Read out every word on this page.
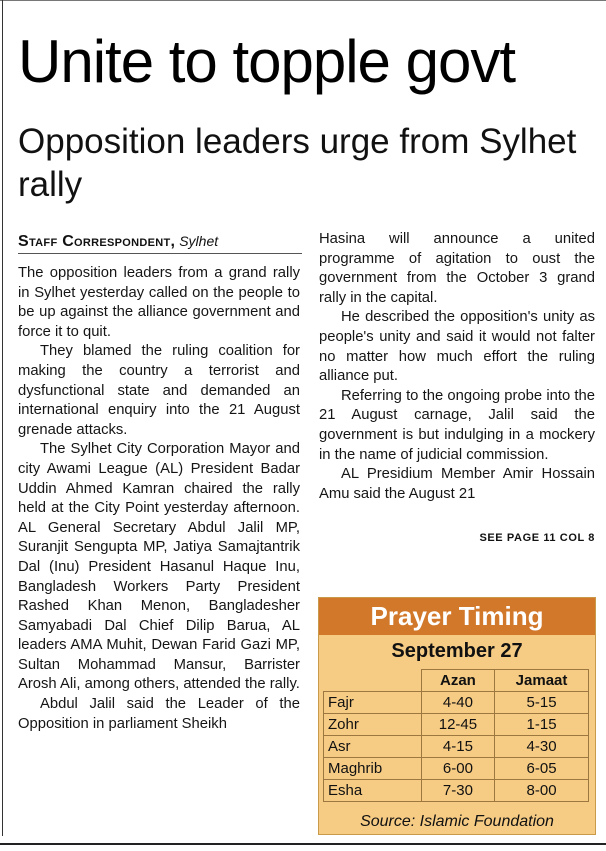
Unite to topple govt
Opposition leaders urge from Sylhet rally
Staff Correspondent, Sylhet

The opposition leaders from a grand rally in Sylhet yesterday called on the people to be up against the alliance government and force it to quit.

They blamed the ruling coalition for making the country a terrorist and dysfunctional state and demanded an international enquiry into the 21 August grenade attacks.

The Sylhet City Corporation Mayor and city Awami League (AL) President Badar Uddin Ahmed Kamran chaired the rally held at the City Point yesterday afternoon. AL General Secretary Abdul Jalil MP, Suranjit Sengupta MP, Jatiya Samajtantrik Dal (Inu) President Hasanul Haque Inu, Bangladesh Workers Party President Rashed Khan Menon, Bangladesher Samyabadi Dal Chief Dilip Barua, AL leaders AMA Muhit, Dewan Farid Gazi MP, Sultan Mohammad Mansur, Barrister Arosh Ali, among others, attended the rally.

Abdul Jalil said the Leader of the Opposition in parliament Sheikh

Hasina will announce a united programme of agitation to oust the government from the October 3 grand rally in the capital.

He described the opposition's unity as people's unity and said it would not falter no matter how much effort the ruling alliance put.

Referring to the ongoing probe into the 21 August carnage, Jalil said the government is but indulging in a mockery in the name of judicial commission.

AL Presidium Member Amir Hossain Amu said the August 21

SEE PAGE 11 COL 8
Prayer Timing
September 27
	Azan	Jamaat
Fajr	4-40	5-15
Zohr	12-45	1-15
Asr	4-15	4-30
Maghrib	6-00	6-05
Esha	7-30	8-00
Source: Islamic Foundation
